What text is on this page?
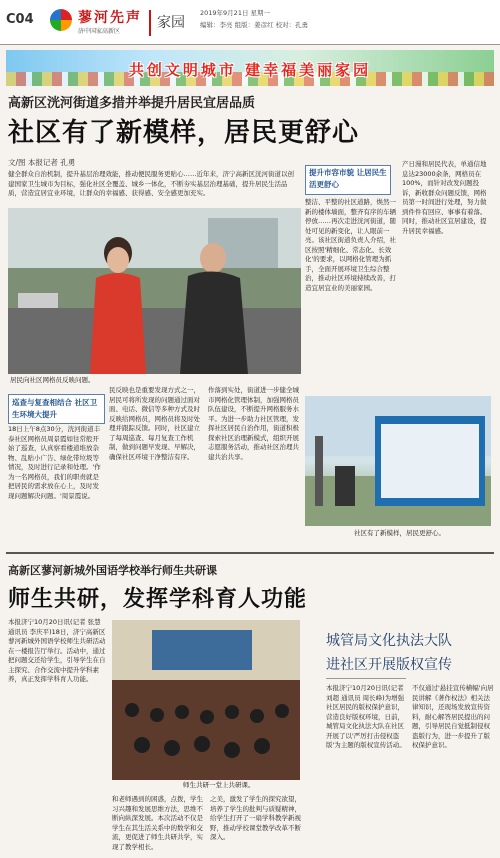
C04	蓼河先声
济中国家高新区
家园
2019年9月21日 星期一
编辑：李亮 组版：姜彦红 校对：孔勇
共创文明城市 建幸福美丽家园
高新区洸河街道多措并举提升居民宜居品质
社区有了新模样，居民更舒心
文/图 本报记者 孔勇
健全群众自治机制，提升基层治理效能，推动便民服务更贴心……近年来，济宁高新区洸河街道以创建国家卫生城市为目标，强化社区全覆盖、城乡一体化，不断夯实基层治理基础，提升居民生活品质，营造宜居宜业环境，让群众的幸福感、获得感、安全感更加充实。
居民向社区网格员反映问题。
提升市容市貌 让居民生活更舒心
整洁、平整的社区道路，焕然一新的楼体墙面，整齐有序的车辆停放……再次走进洸河街道，随处可见的新变化，让人眼前一亮。该社区街道负责人介绍，社区按照'精细化、常态化、长效化'的要求，以网格化管理为抓手，全面开展环境卫生综合整治，推动社区环境持续改善，打造宜居宜业的美丽家园。
产日漫和居民代表，单通信地息达23000余条，网格员在100%，而针对改发问题投诉，新收群众问题反馈，网格员第一时间进行处理，努力做到件件有回应、事事有着落。同时，推动社区宜居建设，提升居民幸福感。
巡查与复查相结合 社区卫生环境大提升
18日上午8点30分，洸河街道丰泰社区网格员周景霞如往常般开始了巡查，认真察看楼道堆放杂物、乱贴小广告、绿化带垃圾等情况，及时进行记录和处理。'作为一名网格员，我们的职责就是把居民的需求放在心上，及时发现问题解决问题。'周景霞说。
民反映也是重要发现方式之一，居民可将所发现的问题通过面对面、电话、微信等多种方式及时反映给网格员，网格员将及时处理并跟踪反馈。同时，社区建立了每周巡查、每月复查工作机制，做到问题早发现、早解决，确保社区环境干净整洁有序。
作落到实处，街道进一步健全城市网格化管理体制，加强网格员队伍建设，不断提升网格服务水平。为进一步助力社区管理，发挥社区居民自治作用，街道积极探索社区治理新模式，组织开展志愿服务活动，推动社区治理共建共治共享。
社区有了新模样，居民更舒心。
高新区蓼河新城外国语学校举行师生共研课
师生共研，发挥学科育人功能
本报济宁10月20日讯(记者 张慧 通讯员 李庆平)18日，济宁高新区蓼河新城外国语学校师生共研活动在一楼报告厅举行。活动中，通过把问题交还给学生，引导学生在自主探究、合作交流中提升学科素养，真正发挥学科育人功能。
师生共研一堂上共研课。
和老师遇到的困惑，点拨，学生习兴趣和发展思维方法，思维不断向纵深发展。本次活动不仅是学生在其生活关系中的数学和交流，更促进了师生共研共学，实现了教学相长。
之美，激发了学生的探究欲望，培养了学生的批判与质疑精神，给学生打开了一扇学科教学新视野，推动学校课堂教学改革不断深入。
城管局文化执法大队
进社区开展版权宣传
本报济宁10月20日讯(记者 刘超 通讯员 周长峰)为增强社区居民的版权保护意识，营造良好版权环境，日前，城管局文化执法大队在社区开展了以'严厉打击侵权盗版'为主题的版权宣传活动。
不仅通过'悬挂宣传横幅'向居民讲解《著作权法》相关法律知识，还现场发放宣传资料，耐心解答居民提出的问题，引导居民自觉抵制侵权盗版行为，进一步提升了版权保护意识。
